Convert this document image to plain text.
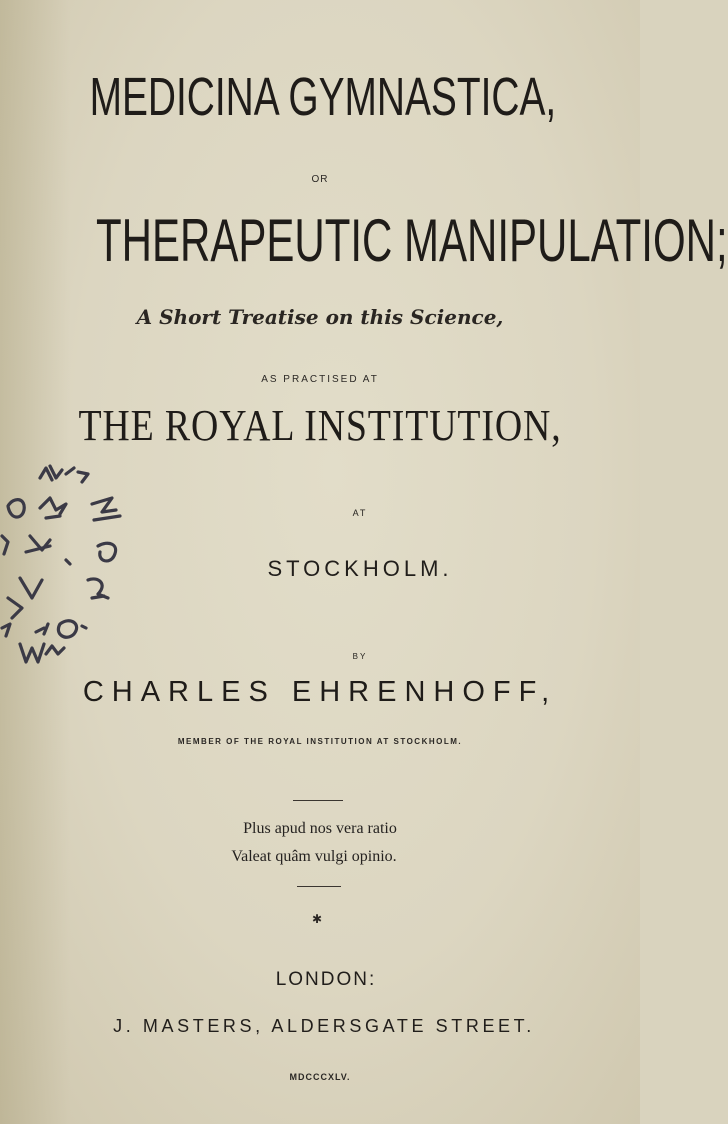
MEDICINA GYMNASTICA,
OR
THERAPEUTIC MANIPULATION;
A Short Treatise on this Science,
AS PRACTISED AT
THE ROYAL INSTITUTION,
AT
STOCKHOLM.
BY
CHARLES EHRENHOFF,
MEMBER OF THE ROYAL INSTITUTION AT STOCKHOLM.
Plus apud nos vera ratio
Valeat quâm vulgi opinio.
✱
LONDON:
J. MASTERS, ALDERSGATE STREET.
MDCCCXLV.
